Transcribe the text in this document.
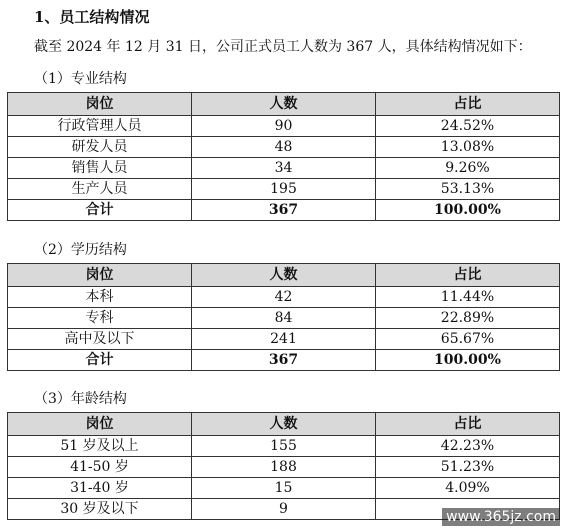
1、员工结构情况

截至 2024 年 12 月 31 日，公司正式员工人数为 367 人，具体结构情况如下：

（1）专业结构

岗位	人数	占比
行政管理人员	90	24.52%
研发人员	48	13.08%
销售人员	34	9.26%
生产人员	195	53.13%
合计	367	100.00%

（2）学历结构

岗位	人数	占比
本科	42	11.44%
专科	84	22.89%
高中及以下	241	65.67%
合计	367	100.00%

（3）年龄结构

岗位	人数	占比
51 岁及以上	155	42.23%
41-50 岁	188	51.23%
31-40 岁	15	4.09%
30 岁及以下	9	
www.365jz.com
